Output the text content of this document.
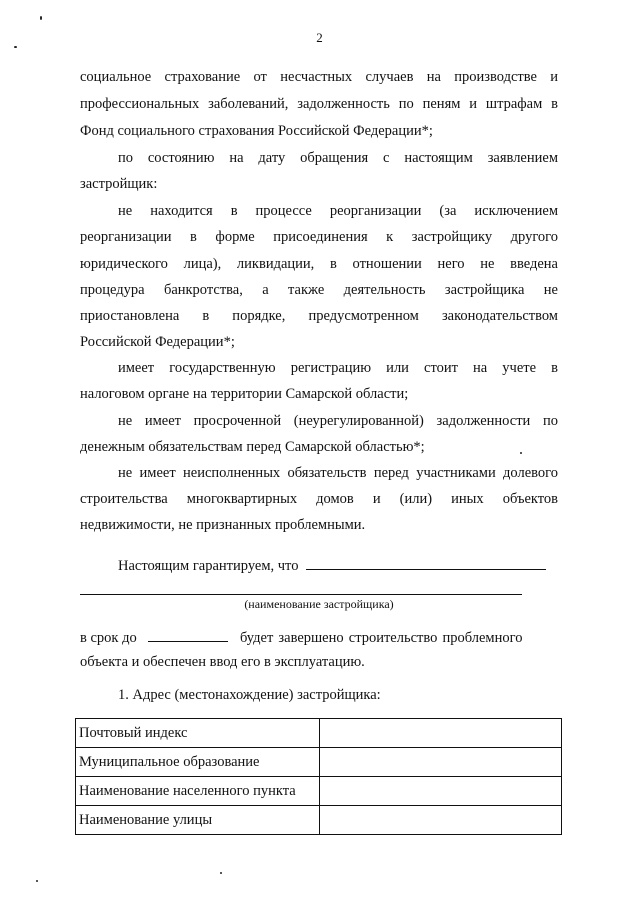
2
социальное страхование от несчастных случаев на производстве и
профессиональных заболеваний, задолженность по пеням и штрафам в
Фонд социального страхования Российской Федерации*;
по состоянию на дату обращения с настоящим заявлением
застройщик:
не находится в процессе реорганизации (за исключением
реорганизации в форме присоединения к застройщику другого
юридического лица), ликвидации, в отношении него не введена
процедура банкротства, а также деятельность застройщика не
приостановлена в порядке, предусмотренном законодательством
Российской Федерации*;
имеет государственную регистрацию или стоит на учете в
налоговом органе на территории Самарской области;
не имеет просроченной (неурегулированной) задолженности по
денежным обязательствам перед Самарской областью*;
не имеет неисполненных обязательств перед участниками долевого
строительства многоквартирных домов и (или) иных объектов
недвижимости, не признанных проблемными.
Настоящим гарантируем, что
(наименование застройщика)
в срок до	будет завершено строительство проблемного
объекта и обеспечен ввод его в эксплуатацию.
1. Адрес (местонахождение) застройщика:
Почтовый индекс	
Муниципальное образование	
Наименование населенного пункта	
Наименование улицы	
